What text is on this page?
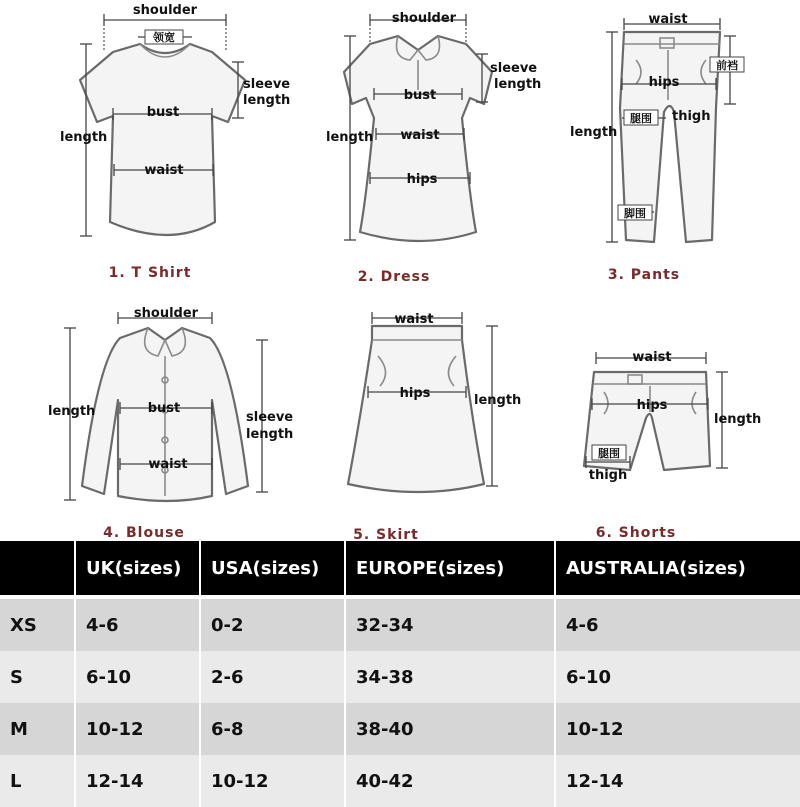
shoulder
领宽
sleeve
length
bust
length
waist
1. T Shirt
shoulder
sleeve
length
bust
length waist
hips
2. Dress
waist
前裆
hips
length
腿围 thigh
脚围
3. Pants
shoulder
length	bust
sleeve
length
waist
4. Blouse
waist
hips	length
5. Skirt
waist
hips
length
腿围
thigh
6. Shorts
	UK(sizes)	USA(sizes)	EUROPE(sizes)	AUSTRALIA(sizes)

XS	4-6	0-2	32-34	4-6
S	6-10	2-6	34-38	6-10
M	10-12	6-8	38-40	10-12
L	12-14	10-12	40-42	12-14
